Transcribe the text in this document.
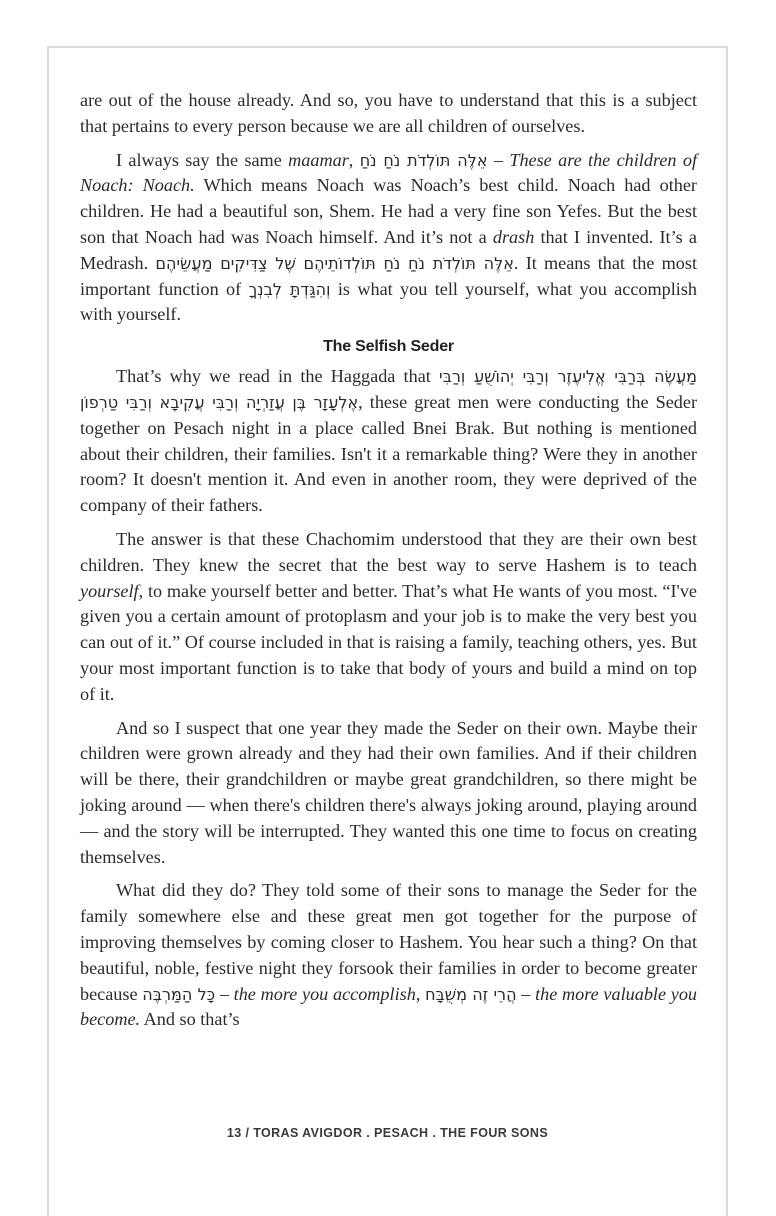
are out of the house already. And so, you have to understand that this is a subject that pertains to every person because we are all children of ourselves.

I always say the same maamar, אֵלֶּה תּוֹלְדֹת נֹחַ נֹחַ – These are the children of Noach: Noach. Which means Noach was Noach’s best child. Noach had other children. He had a beautiful son, Shem. He had a very fine son Yefes. But the best son that Noach had was Noach himself. And it’s not a drash that I invented. It’s a Medrash. אֵלֶּה תּוֹלְדֹת נֹחַ נֹחַ תּוֹלְדוֹתֵיהֶם שֶׁל צַדִּיקִים מַעֲשֵׂיהֶם. It means that the most important function of וְהִגַּדְתָּ לְבִנְךָ is what you tell yourself, what you accomplish with yourself.

The Selfish Seder

That’s why we read in the Haggada that מַעֲשֶׂה בְּרַבִּי אֱלִיעֶזֶר וְרַבִּי יְהוֹשֻׁעַ וְרַבִּי אֶלְעָזָר בֶּן עֲזַרְיָה וְרַבִּי עֲקִיבָא וְרַבִּי טַרְפוֹן, these great men were conducting the Seder together on Pesach night in a place called Bnei Brak. But nothing is mentioned about their children, their families. Isn't it a remarkable thing? Were they in another room? It doesn't mention it. And even in another room, they were deprived of the company of their fathers.

The answer is that these Chachomim understood that they are their own best children. They knew the secret that the best way to serve Hashem is to teach yourself, to make yourself better and better. That’s what He wants of you most. “I've given you a certain amount of protoplasm and your job is to make the very best you can out of it.” Of course included in that is raising a family, teaching others, yes. But your most important function is to take that body of yours and build a mind on top of it.

And so I suspect that one year they made the Seder on their own. Maybe their children were grown already and they had their own families. And if their children will be there, their grandchildren or maybe great grandchildren, so there might be joking around — when there's children there's always joking around, playing around — and the story will be interrupted. They wanted this one time to focus on creating themselves.

What did they do? They told some of their sons to manage the Seder for the family somewhere else and these great men got together for the purpose of improving themselves by coming closer to Hashem. You hear such a thing? On that beautiful, noble, festive night they forsook their families in order to become greater because כָּל הַמַּרְבֶּה – the more you accomplish, הֲרֵי זֶה מְשֻׁבָּח – the more valuable you become. And so that’s

13 / TORAS AVIGDOR . PESACH . THE FOUR SONS
